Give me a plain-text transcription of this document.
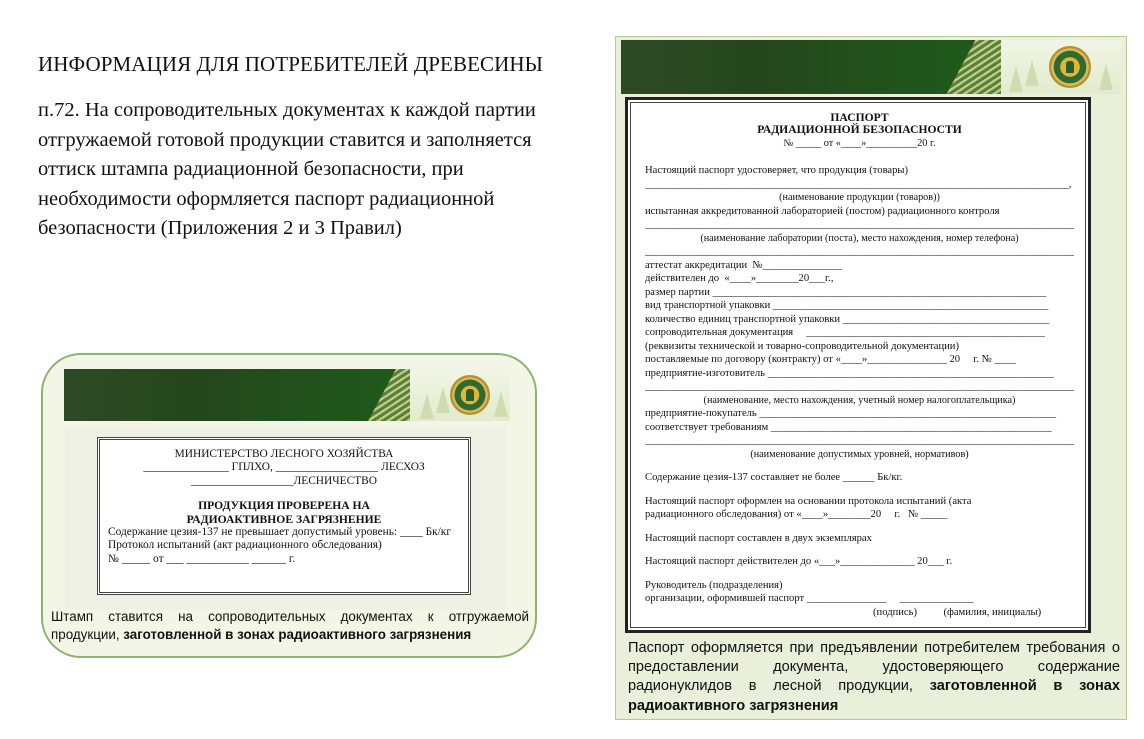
ИНФОРМАЦИЯ ДЛЯ ПОТРЕБИТЕЛЕЙ ДРЕВЕСИНЫ
п.72. На сопроводительных документах к каждой партии отгружаемой готовой продукции ставится и заполняется оттиск штампа радиационной безопасности, при необходимости оформляется паспорт радиационной безопасности (Приложения 2 и 3 Правил)
МИНИСТЕРСТВО ЛЕСНОГО ХОЗЯЙСТВА
_______________ ГПЛХО, __________________ ЛЕСХОЗ
__________________ЛЕСНИЧЕСТВО
ПРОДУКЦИЯ ПРОВЕРЕНА НА
РАДИОАКТИВНОЕ ЗАГРЯЗНЕНИЕ
Содержание цезия-137 не превышает допустимый уровень: ____ Бк/кг
Протокол испытаний (акт радиационного обследования)
№ _____ от ___ ___________ ______ г.
Штамп ставится на сопроводительных документах к отгружаемой продукции, заготовленной в зонах радиоактивного загрязнения
ПАСПОРТ
РАДИАЦИОННОЙ БЕЗОПАСНОСТИ
№ _____ от «____»__________20 г.
Настоящий паспорт удостоверяет, что продукция (товары)
________________________________________________________________________________,
(наименование продукции (товаров))
испытанная аккредитованной лабораторией (постом) радиационного контроля
_________________________________________________________________________________
(наименование лаборатории (поста), место нахождения, номер телефона)
_________________________________________________________________________________
аттестат аккредитации  №_______________
действителен до  «____»________20___г.,
размер партии _______________________________________________________________
вид транспортной упаковки ____________________________________________________
количество единиц транспортной упаковки _______________________________________
сопроводительная документация     _____________________________________________
(реквизиты технической и товарно-сопроводительной документации)
поставляемые по договору (контракту) от «____»_______________ 20     г. № ____
предприятие-изготовитель ______________________________________________________
_________________________________________________________________________________
(наименование, место нахождения, учетный номер налогоплательщика)
предприятие-покупатель ________________________________________________________
соответствует требованиям _____________________________________________________
_________________________________________________________________________________
(наименование допустимых уровней, нормативов)
Содержание цезия-137 составляет не более ______ Бк/кг.
Настоящий паспорт оформлен на основании протокола испытаний (акта
радиационного обследования) от «____»________20     г.   № _____
Настоящий паспорт составлен в двух экземплярах
Настоящий паспорт действителен до «___»______________ 20___ г.
Руководитель (подразделения)
организации, оформившей паспорт _______________     ______________
(подпись)          (фамилия, инициалы)
Паспорт оформляется при предъявлении потребителем требования о предоставлении документа, удостоверяющего содержание радионуклидов в лесной продукции, заготовленной в зонах радиоактивного загрязнения
